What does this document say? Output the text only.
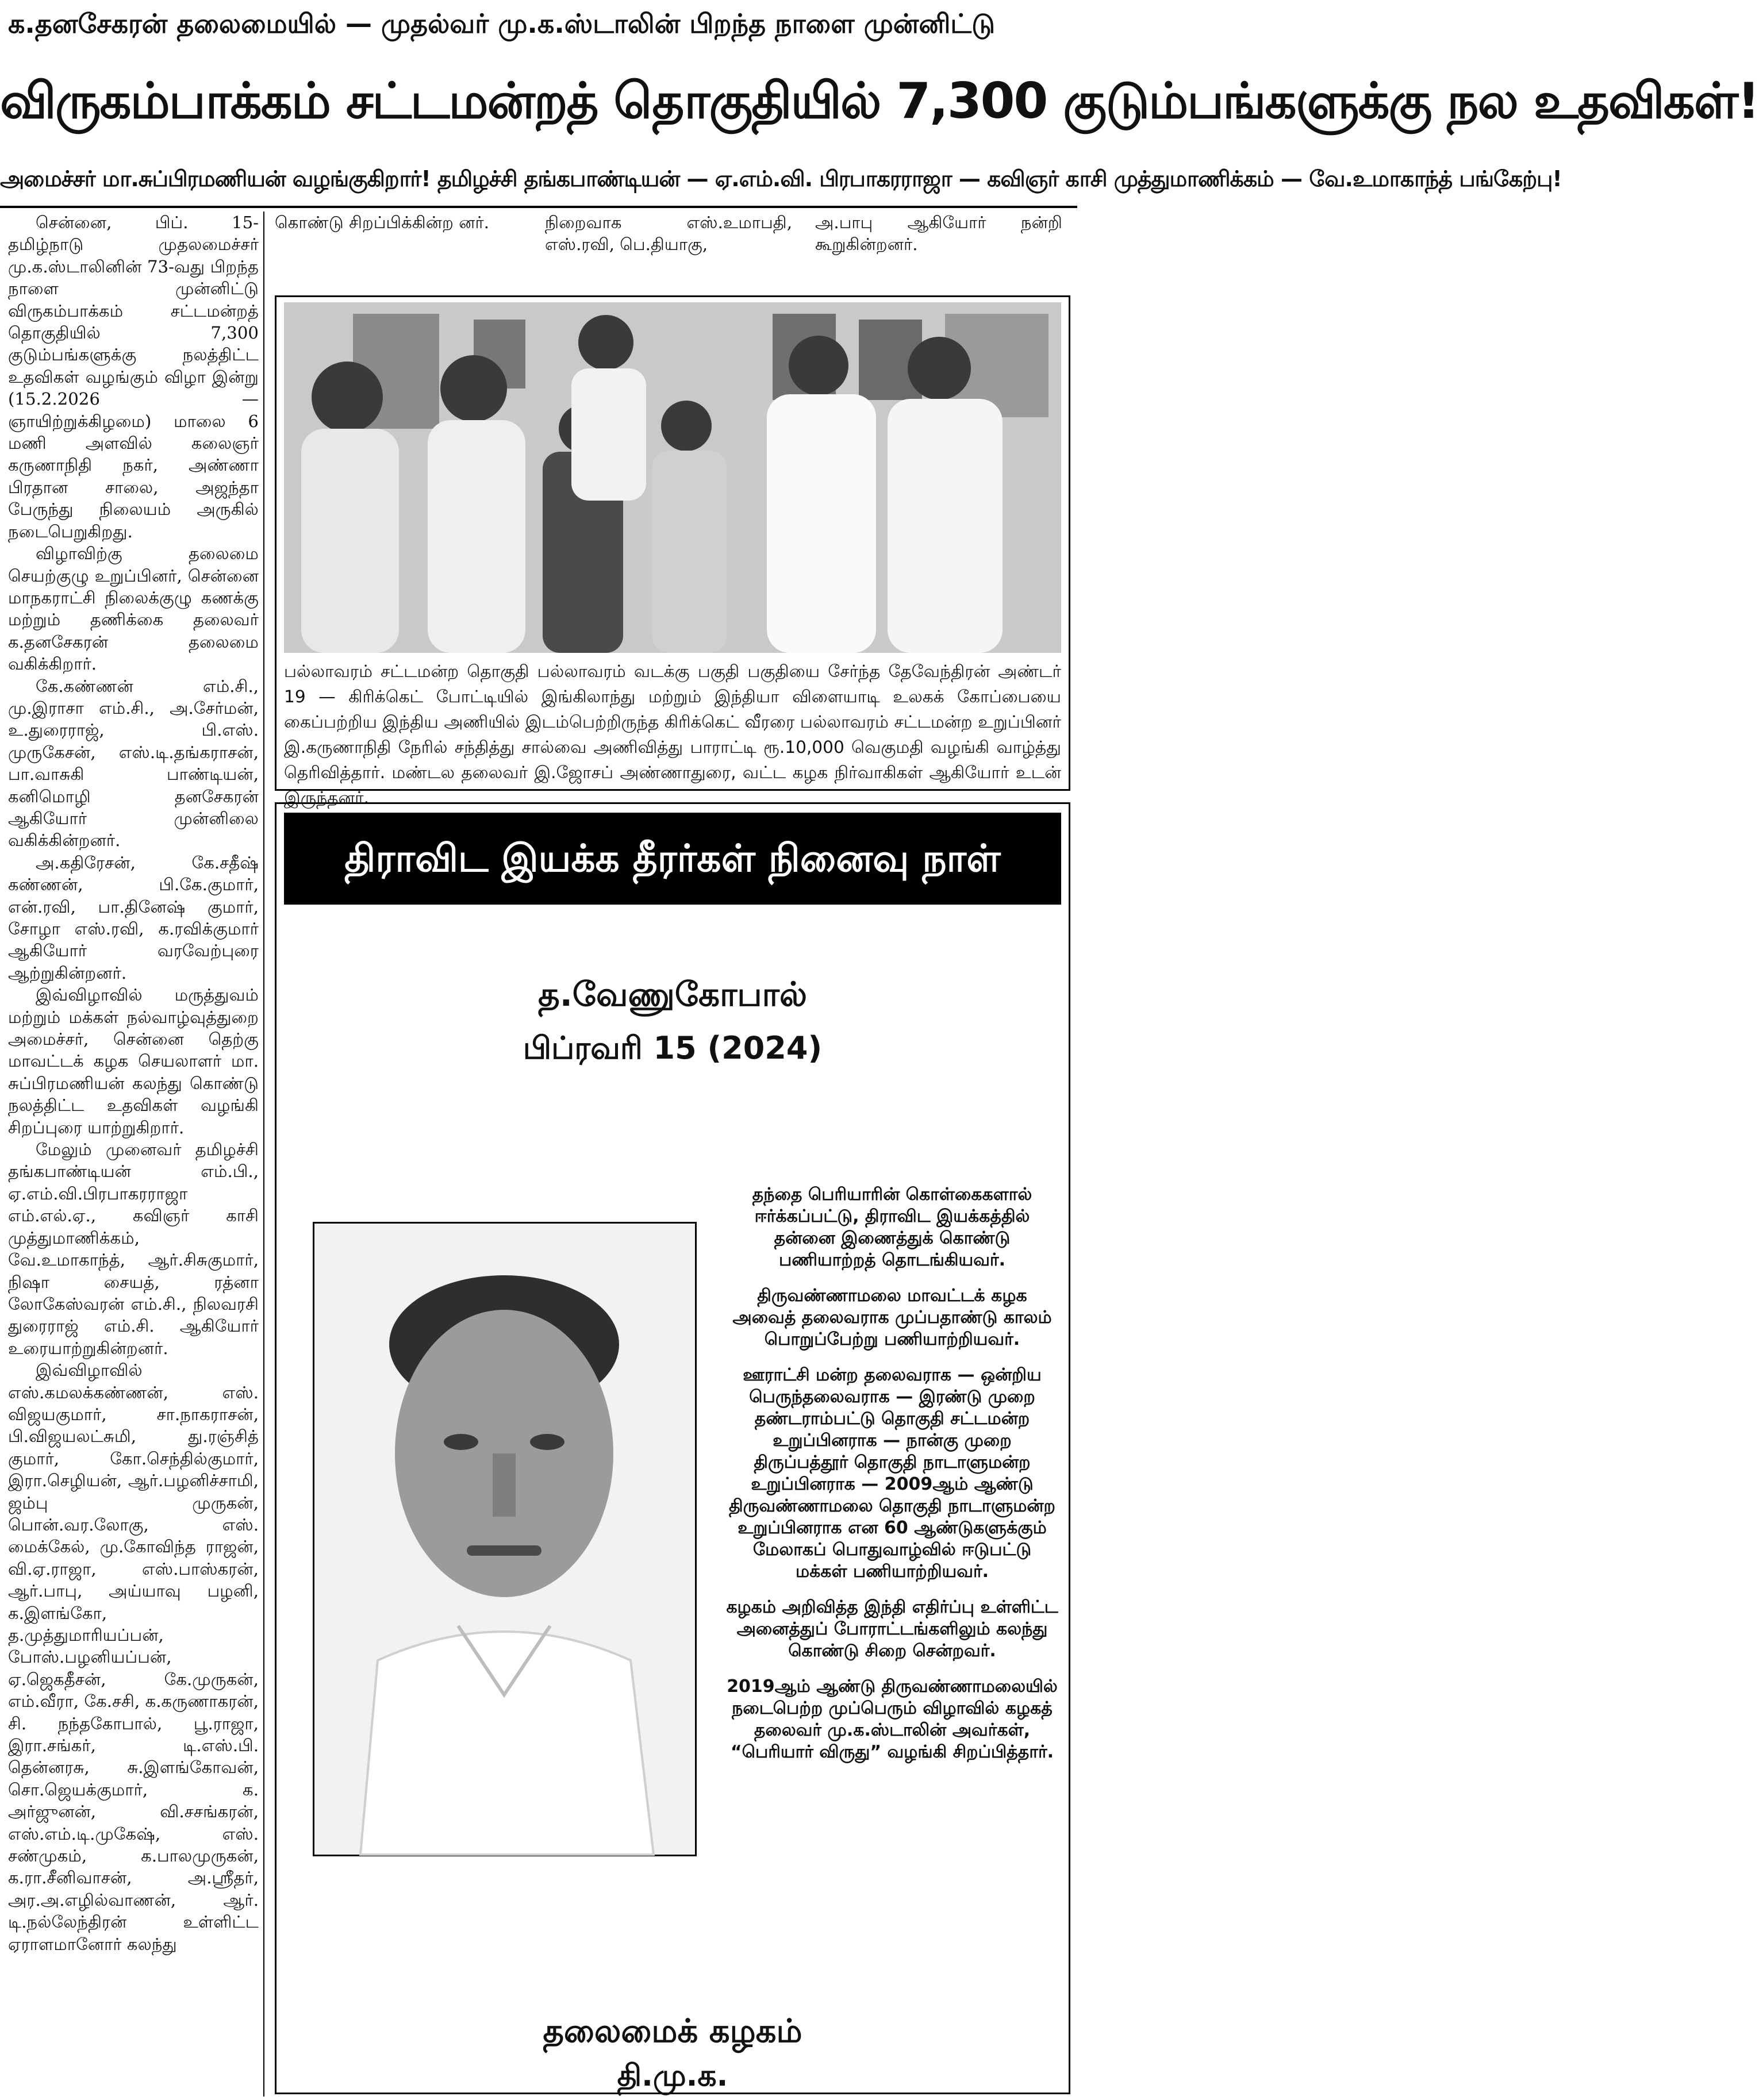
க.தனசேகரன் தலைமையில் — முதல்வர் மு.க.ஸ்டாலின் பிறந்த நாளை முன்னிட்டு
விருகம்பாக்கம் சட்டமன்றத் தொகுதியில் 7,300 குடும்பங்களுக்கு நல உதவிகள்!
அமைச்சர் மா.சுப்பிரமணியன் வழங்குகிறார்! தமிழச்சி தங்கபாண்டியன் — ஏ.எம்.வி. பிரபாகரராஜா — கவிஞர் காசி முத்துமாணிக்கம் — வே.உமாகாந்த் பங்கேற்பு!

சென்னை, பிப். 15- தமிழ்நாடு முதலமைச்சர் மு.க.ஸ்டாலினின் 73-வது பிறந்த நாளை முன்னிட்டு விருகம்பாக்கம் சட்டமன்றத் தொகுதியில் 7,300 குடும்பங்களுக்கு நலத்திட்ட உதவிகள் வழங்கும் விழா இன்று (15.2.2026 — ஞாயிற்றுக்கிழமை) மாலை 6 மணி அளவில் கலைஞர் கருணாநிதி நகர், அண்ணா பிரதான சாலை, அஜந்தா பேருந்து நிலையம் அருகில் நடைபெறுகிறது.

விழாவிற்கு தலைமை செயற்குழு உறுப்பினர், சென்னை மாநகராட்சி நிலைக்குழு கணக்கு மற்றும் தணிக்கை தலைவர் க.தனசேகரன் தலைமை வகிக்கிறார்.

கே.கண்ணன் எம்.சி., மு.இராசா எம்.சி., அ.சேர்மன், உ.துரைராஜ், பி.எஸ். முருகேசன், எஸ்.டி.தங்கராசன், பா.வாசுகி பாண்டியன், கனிமொழி தனசேகரன் ஆகியோர் முன்னிலை வகிக்கின்றனர்.

அ.கதிரேசன், கே.சதீஷ் கண்ணன், பி.கே.குமார், என்.ரவி, பா.தினேஷ் குமார், சோழா எஸ்.ரவி, க.ரவிக்குமார் ஆகியோர் வரவேற்புரை ஆற்றுகின்றனர்.

இவ்விழாவில் மருத்துவம் மற்றும் மக்கள் நல்வாழ்வுத்துறை அமைச்சர், சென்னை தெற்கு மாவட்டக் கழக செயலாளர் மா. சுப்பிரமணியன் கலந்து கொண்டு நலத்திட்ட உதவிகள் வழங்கி சிறப்புரை யாற்றுகிறார்.

மேலும் முனைவர் தமிழச்சி தங்கபாண்டியன் எம்.பி., ஏ.எம்.வி.பிரபாகரராஜா எம்.எல்.ஏ., கவிஞர் காசி முத்துமாணிக்கம், வே.உமாகாந்த், ஆர்.சிசுகுமார், நிஷா சையத், ரத்னா லோகேஸ்வரன் எம்.சி., நிலவரசி துரைராஜ் எம்.சி. ஆகியோர் உரையாற்றுகின்றனர்.

இவ்விழாவில் எஸ்.கமலக்கண்ணன், எஸ். விஜயகுமார், சா.நாகராசன், பி.விஜயலட்சுமி, து.ரஞ்சித் குமார், கோ.செந்தில்குமார், இரா.செழியன், ஆர்.பழனிச்சாமி, ஜம்பு முருகன், பொன்.வர.லோகு, எஸ். மைக்கேல், மு.கோவிந்த ராஜன், வி.ஏ.ராஜா, எஸ்.பாஸ்கரன், ஆர்.பாபு, அய்யாவு பழனி, க.இளங்கோ, த.முத்துமாரியப்பன், போஸ்.பழனியப்பன், ஏ.ஜெகதீசன், கே.முருகன், எம்.வீரா, கே.சசி, க.கருணாகரன், சி. நந்தகோபால், பூ.ராஜா, இரா.சங்கர், டி.எஸ்.பி. தென்னரசு, சு.இளங்கோவன், சொ.ஜெயக்குமார், க. அர்ஜுனன், வி.சசங்கரன், எஸ்.எம்.டி.முகேஷ், எஸ். சண்முகம், க.பாலமுருகன், க.ரா.சீனிவாசன், அ.ஸ்ரீதர், அர.அ.எழில்வாணன், ஆர். டி.நல்லேந்திரன் உள்ளிட்ட ஏராளமானோர் கலந்து

கொண்டு சிறப்பிக்கின்ற னர்.	நிறைவாக எஸ்.உமாபதி, எஸ்.ரவி, பெ.தியாகு,
அ.பாபு ஆகியோர் நன்றி கூறுகின்றனர்.
பல்லாவரம் சட்டமன்ற தொகுதி பல்லாவரம் வடக்கு பகுதி பகுதியை சேர்ந்த தேவேந்திரன் அண்டர் 19 — கிரிக்கெட் போட்டியில் இங்கிலாந்து மற்றும் இந்தியா விளையாடி உலகக் கோப்பையை கைப்பற்றிய இந்திய அணியில் இடம்பெற்றிருந்த கிரிக்கெட் வீரரை பல்லாவரம் சட்டமன்ற உறுப்பினர் இ.கருணாநிதி நேரில் சந்தித்து சால்வை அணிவித்து பாராட்டி ரூ.10,000 வெகுமதி வழங்கி வாழ்த்து தெரிவித்தார். மண்டல தலைவர் இ.ஜோசப் அண்ணாதுரை, வட்ட கழக நிர்வாகிகள் ஆகியோர் உடன் இருந்தனர்.
திராவிட இயக்க தீரர்கள் நினைவு நாள்
த.வேணுகோபால்
பிப்ரவரி 15 (2024)

தந்தை பெரியாரின் கொள்கைகளால் ஈர்க்கப்பட்டு, திராவிட இயக்கத்தில் தன்னை இணைத்துக் கொண்டு பணியாற்றத் தொடங்கியவர்.

திருவண்ணாமலை மாவட்டக் கழக அவைத் தலைவராக முப்பதாண்டு காலம் பொறுப்பேற்று பணியாற்றியவர்.

ஊராட்சி மன்ற தலைவராக — ஒன்றிய பெருந்தலைவராக — இரண்டு முறை தண்டராம்பட்டு தொகுதி சட்டமன்ற உறுப்பினராக — நான்கு முறை திருப்பத்தூர் தொகுதி நாடாளுமன்ற உறுப்பினராக — 2009ஆம் ஆண்டு திருவண்ணாமலை தொகுதி நாடாளுமன்ற உறுப்பினராக என 60 ஆண்டுகளுக்கும் மேலாகப் பொதுவாழ்வில் ஈடுபட்டு மக்கள் பணியாற்றியவர்.

கழகம் அறிவித்த இந்தி எதிர்ப்பு உள்ளிட்ட அனைத்துப் போராட்டங்களிலும் கலந்து கொண்டு சிறை சென்றவர்.

2019ஆம் ஆண்டு திருவண்ணாமலையில் நடைபெற்ற முப்பெரும் விழாவில் கழகத் தலைவர் மு.க.ஸ்டாலின் அவர்கள், “பெரியார் விருது” வழங்கி சிறப்பித்தார்.

தலைமைக் கழகம்
தி.மு.க.
